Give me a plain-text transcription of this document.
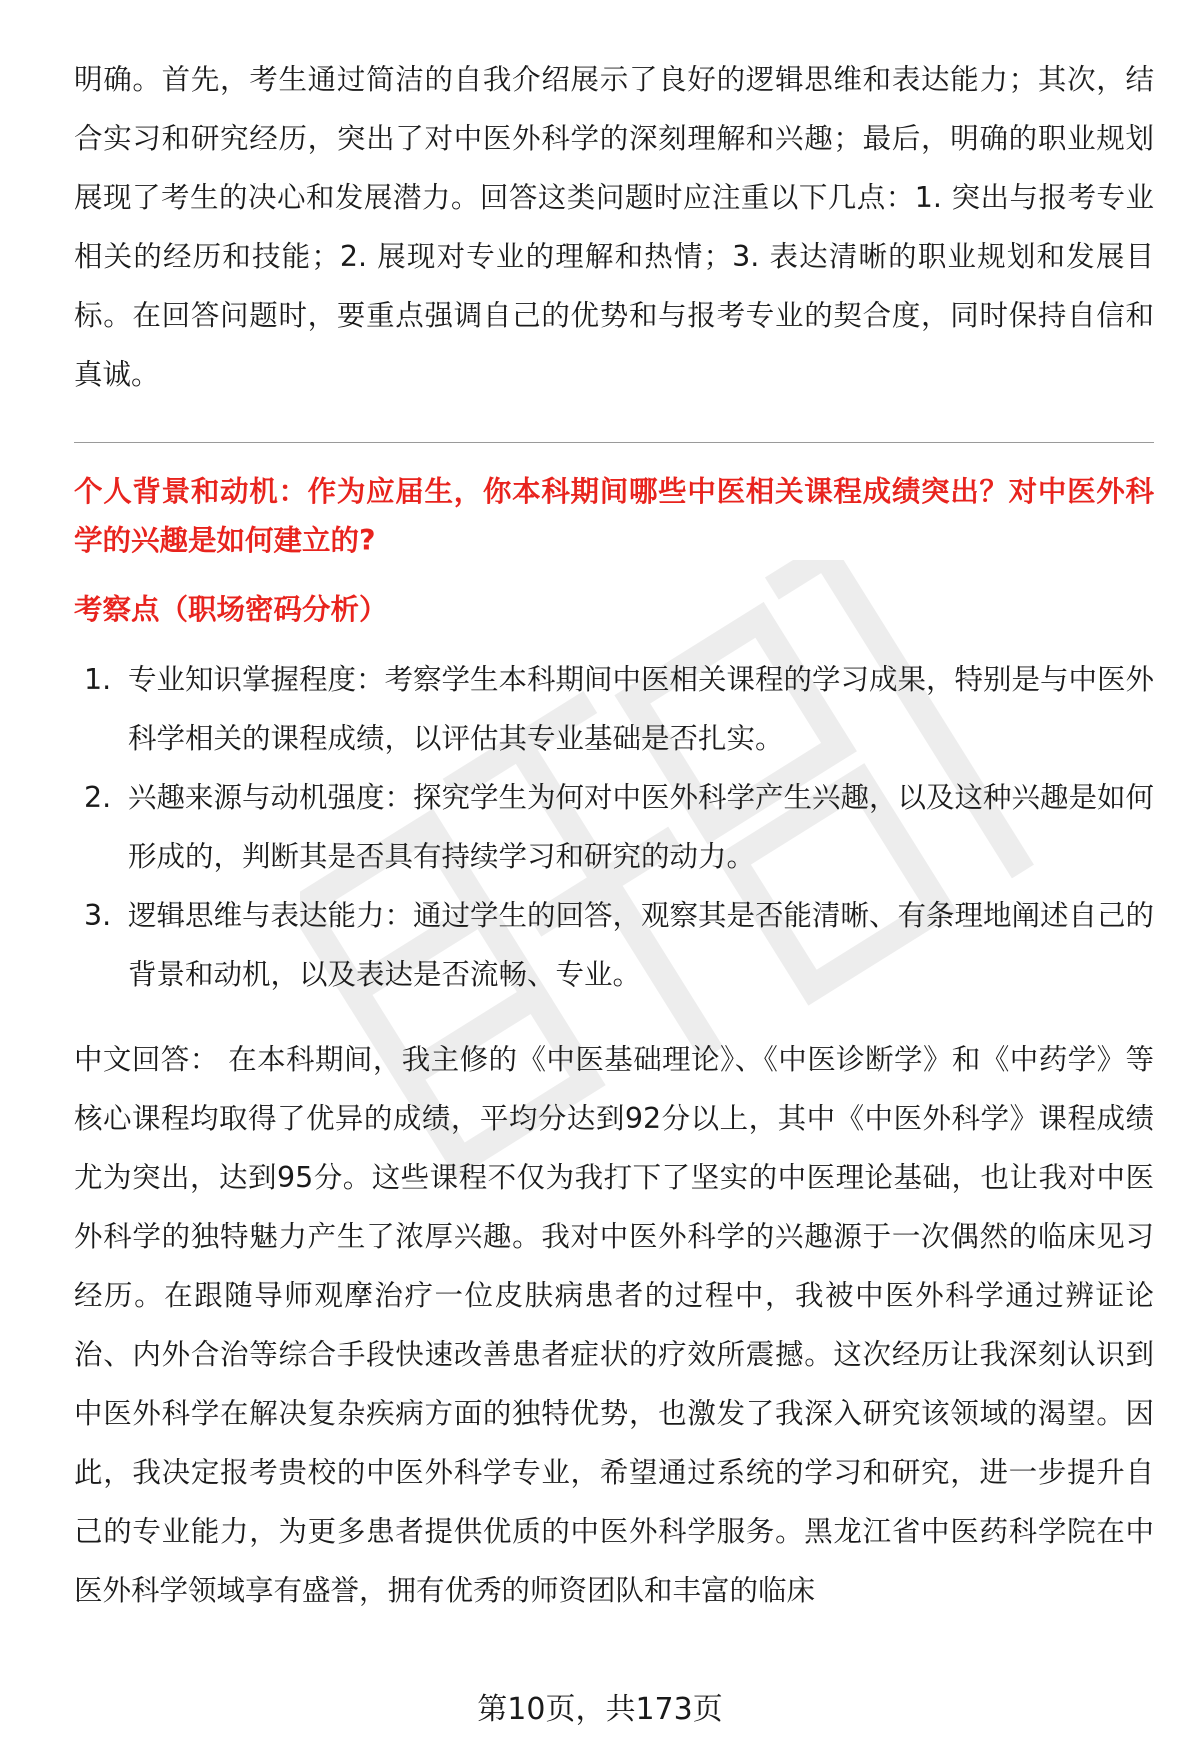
明确。首先，考生通过简洁的自我介绍展示了良好的逻辑思维和表达能力；其次，结合实习和研究经历，突出了对中医外科学的深刻理解和兴趣；最后，明确的职业规划展现了考生的决心和发展潜力。回答这类问题时应注重以下几点：1. 突出与报考专业相关的经历和技能；2. 展现对专业的理解和热情；3. 表达清晰的职业规划和发展目标。在回答问题时，要重点强调自己的优势和与报考专业的契合度，同时保持自信和真诚。

个人背景和动机：作为应届生，你本科期间哪些中医相关课程成绩突出？对中医外科学的兴趣是如何建立的?

考察点（职场密码分析）
1. 专业知识掌握程度：考察学生本科期间中医相关课程的学习成果，特别是与中医外科学相关的课程成绩，以评估其专业基础是否扎实。
2. 兴趣来源与动机强度：探究学生为何对中医外科学产生兴趣，以及这种兴趣是如何形成的，判断其是否具有持续学习和研究的动力。
3. 逻辑思维与表达能力：通过学生的回答，观察其是否能清晰、有条理地阐述自己的背景和动机，以及表达是否流畅、专业。

中文回答： 在本科期间，我主修的《中医基础理论》、《中医诊断学》和《中药学》等核心课程均取得了优异的成绩，平均分达到92分以上，其中《中医外科学》课程成绩尤为突出，达到95分。这些课程不仅为我打下了坚实的中医理论基础，也让我对中医外科学的独特魅力产生了浓厚兴趣。我对中医外科学的兴趣源于一次偶然的临床见习经历。在跟随导师观摩治疗一位皮肤病患者的过程中，我被中医外科学通过辨证论治、内外合治等综合手段快速改善患者症状的疗效所震撼。这次经历让我深刻认识到中医外科学在解决复杂疾病方面的独特优势，也激发了我深入研究该领域的渴望。因此，我决定报考贵校的中医外科学专业，希望通过系统的学习和研究，进一步提升自己的专业能力，为更多患者提供优质的中医外科学服务。黑龙江省中医药科学院在中医外科学领域享有盛誉，拥有优秀的师资团队和丰富的临床

第10页，共173页
